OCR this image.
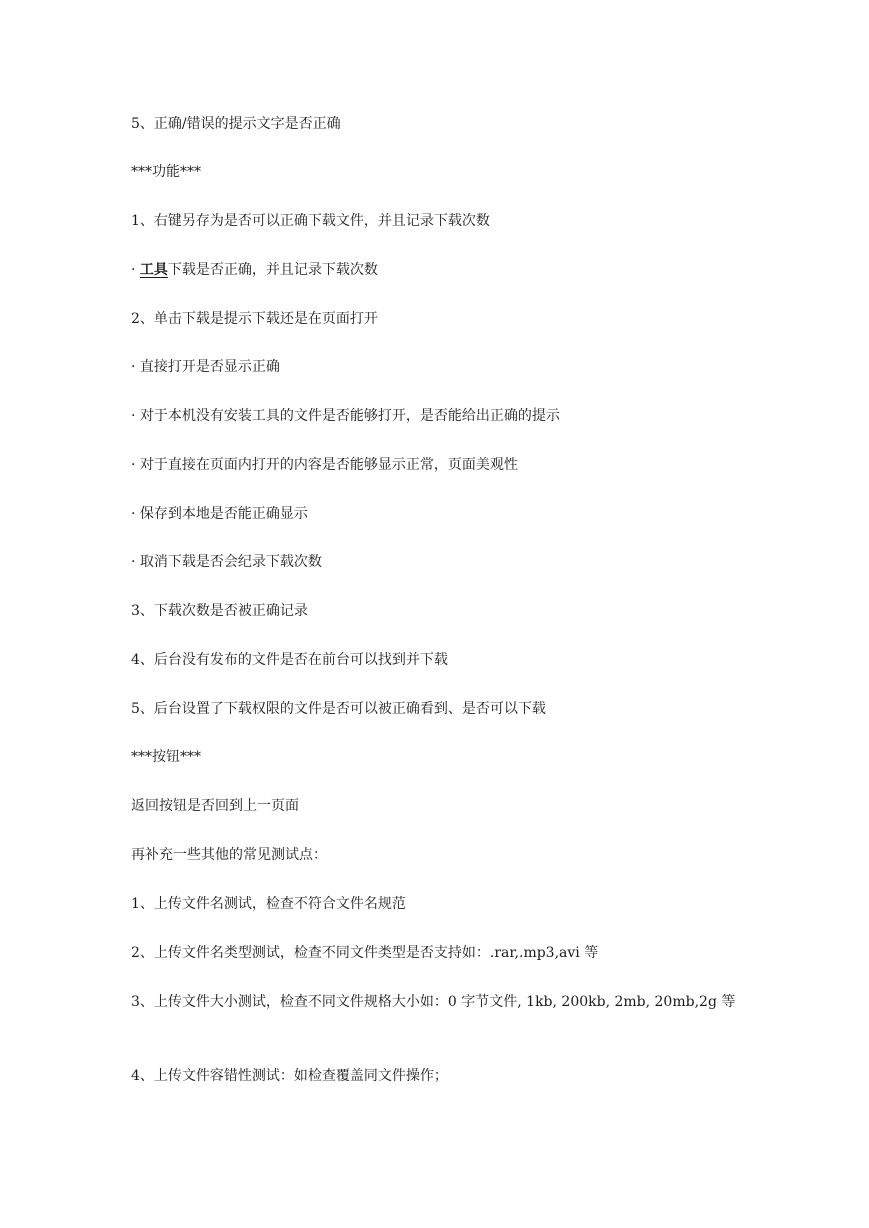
5、正确/错误的提示文字是否正确
***功能***
1、右键另存为是否可以正确下载文件，并且记录下载次数
· 工具下载是否正确，并且记录下载次数
2、单击下载是提示下载还是在页面打开
· 直接打开是否显示正确
· 对于本机没有安装工具的文件是否能够打开，是否能给出正确的提示
· 对于直接在页面内打开的内容是否能够显示正常，页面美观性
· 保存到本地是否能正确显示
· 取消下载是否会纪录下载次数
3、下载次数是否被正确记录
4、后台没有发布的文件是否在前台可以找到并下载
5、后台设置了下载权限的文件是否可以被正确看到、是否可以下载
***按钮***
返回按钮是否回到上一页面
再补充一些其他的常见测试点：
1、上传文件名测试，检查不符合文件名规范
2、上传文件名类型测试，检查不同文件类型是否支持如：.rar,.mp3,avi 等
3、上传文件大小测试，检查不同文件规格大小如：0 字节文件, 1kb, 200kb, 2mb, 20mb,2g 等
4、上传文件容错性测试：如检查覆盖同文件操作；
